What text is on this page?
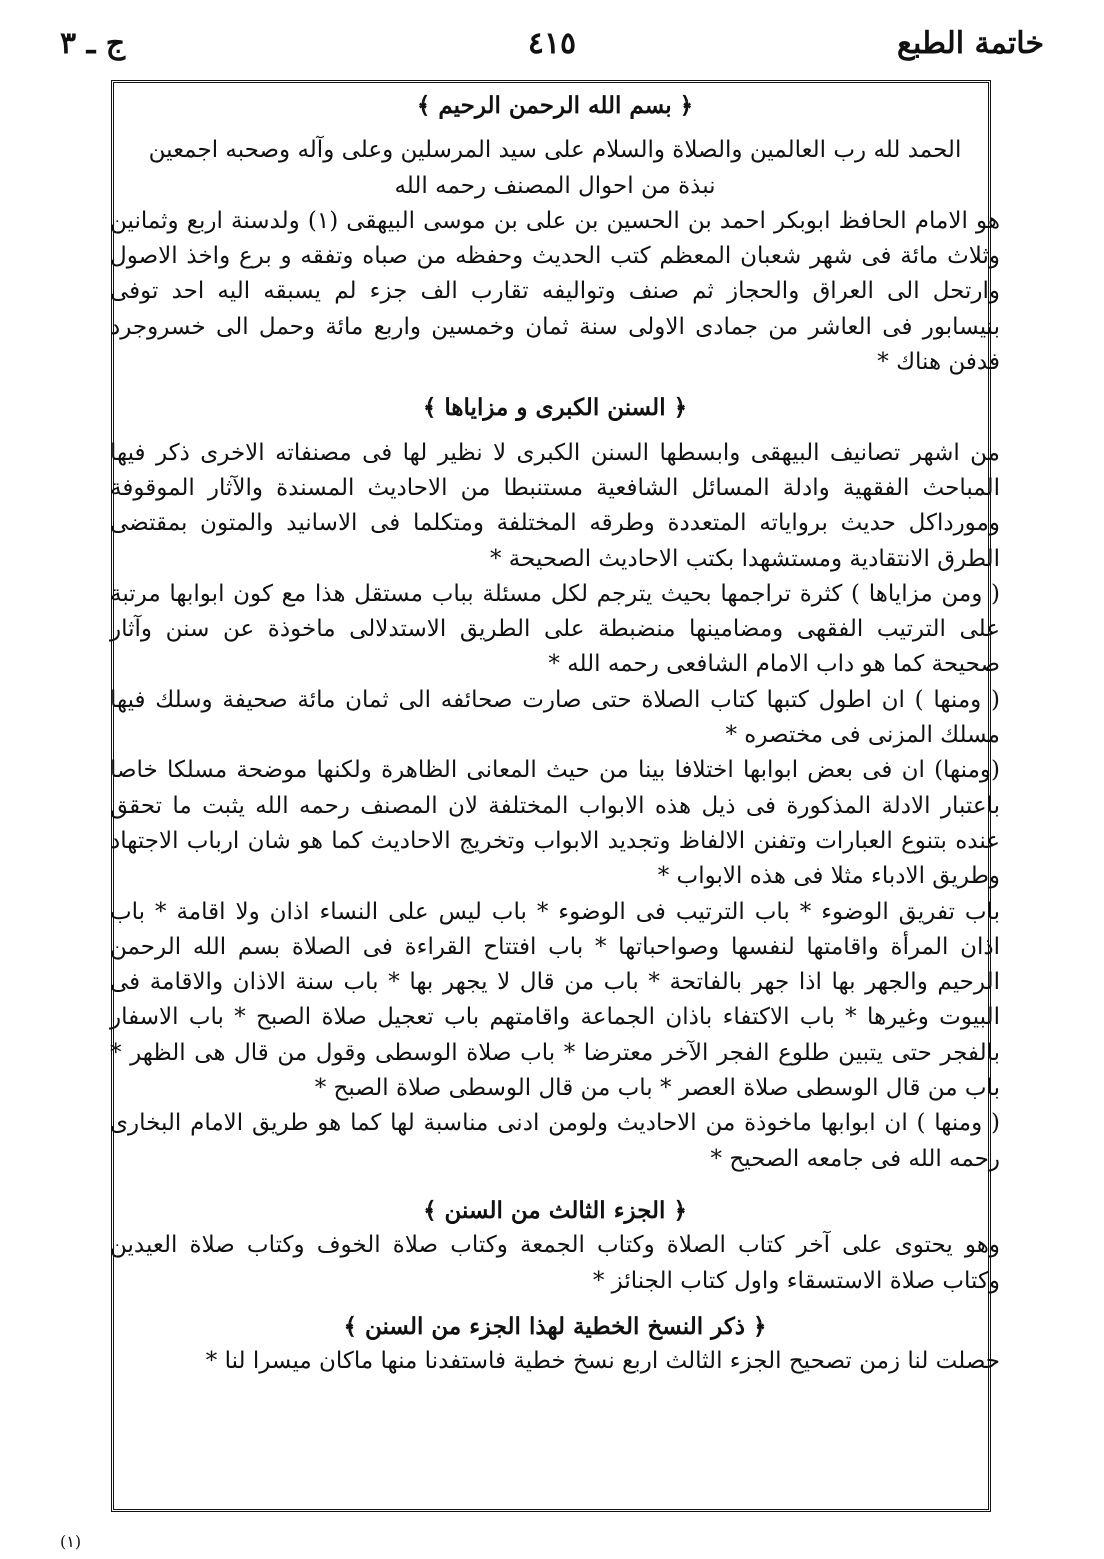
خاتمة الطبع
٤١٥
ج ـ ٣

﴿ بسم الله الرحمن الرحيم ﴾

الحمد لله رب العالمين والصلاة والسلام على سيد المرسلين وعلى وآله وصحبه اجمعين

نبذة من احوال المصنف رحمه الله

هو الامام الحافظ ابوبكر احمد بن الحسين بن على بن موسى البيهقى (١) ولدسنة اربع وثمانين وثلاث مائة فى شهر شعبان المعظم كتب الحديث وحفظه من صباه وتفقه و برع واخذ الاصول وارتحل الى العراق والحجاز ثم صنف وتواليفه تقارب الف جزء لم يسبقه اليه احد توفى بنيسابور فى العاشر من جمادى الاولى سنة ثمان وخمسين واربع مائة وحمل الى خسروجرد فدفن هناك *

﴿ السنن الكبرى و مزاياها ﴾

من اشهر تصانيف البيهقى وابسطها السنن الكبرى لا نظير لها فى مصنفاته الاخرى ذكر فيها المباحث الفقهية وادلة المسائل الشافعية مستنبطا من الاحاديث المسندة والآثار الموقوفة ومورداكل حديث برواياته المتعددة وطرقه المختلفة ومتكلما فى الاسانيد والمتون بمقتضى الطرق الانتقادية ومستشهدا بكتب الاحاديث الصحيحة *

( ومن مزاياها ) كثرة تراجمها بحيث يترجم لكل مسئلة بباب مستقل هذا مع كون ابوابها مرتبة على الترتيب الفقهى ومضامينها منضبطة على الطريق الاستدلالى ماخوذة عن سنن وآثار صحيحة كما هو داب الامام الشافعى رحمه الله *

( ومنها ) ان اطول كتبها كتاب الصلاة حتى صارت صحائفه الى ثمان مائة صحيفة وسلك فيها مسلك المزنى فى مختصره *

(ومنها) ان فى بعض ابوابها اختلافا بينا من حيث المعانى الظاهرة ولكنها موضحة مسلكا خاصا باعتبار الادلة المذكورة فى ذيل هذه الابواب المختلفة لان المصنف رحمه الله يثبت ما تحقق عنده بتنوع العبارات وتفنن الالفاظ وتجديد الابواب وتخريج الاحاديث كما هو شان ارباب الاجتهاد وطريق الادباء مثلا فى هذه الابواب *

باب تفريق الوضوء * باب الترتيب فى الوضوء * باب ليس على النساء اذان ولا اقامة * باب اذان المرأة واقامتها لنفسها وصواحباتها * باب افتتاح القراءة فى الصلاة بسم الله الرحمن الرحيم والجهر بها اذا جهر بالفاتحة * باب من قال لا يجهر بها * باب سنة الاذان والاقامة فى البيوت وغيرها * باب الاكتفاء باذان الجماعة واقامتهم باب تعجيل صلاة الصبح * باب الاسفار بالفجر حتى يتبين طلوع الفجر الآخر معترضا * باب صلاة الوسطى وقول من قال هى الظهر * باب من قال الوسطى صلاة العصر * باب من قال الوسطى صلاة الصبح *

( ومنها ) ان ابوابها ماخوذة من الاحاديث ولومن ادنى مناسبة لها كما هو طريق الامام البخارى رحمه الله فى جامعه الصحيح *

﴿ الجزء الثالث من السنن ﴾

وهو يحتوى على آخر كتاب الصلاة وكتاب الجمعة وكتاب صلاة الخوف وكتاب صلاة العيدين وكتاب صلاة الاستسقاء واول كتاب الجنائز *

﴿ ذكر النسخ الخطية لهذا الجزء من السنن ﴾

حصلت لنا زمن تصحيح الجزء الثالث اربع نسخ خطية فاستفدنا منها ماكان ميسرا لنا *

(١)
